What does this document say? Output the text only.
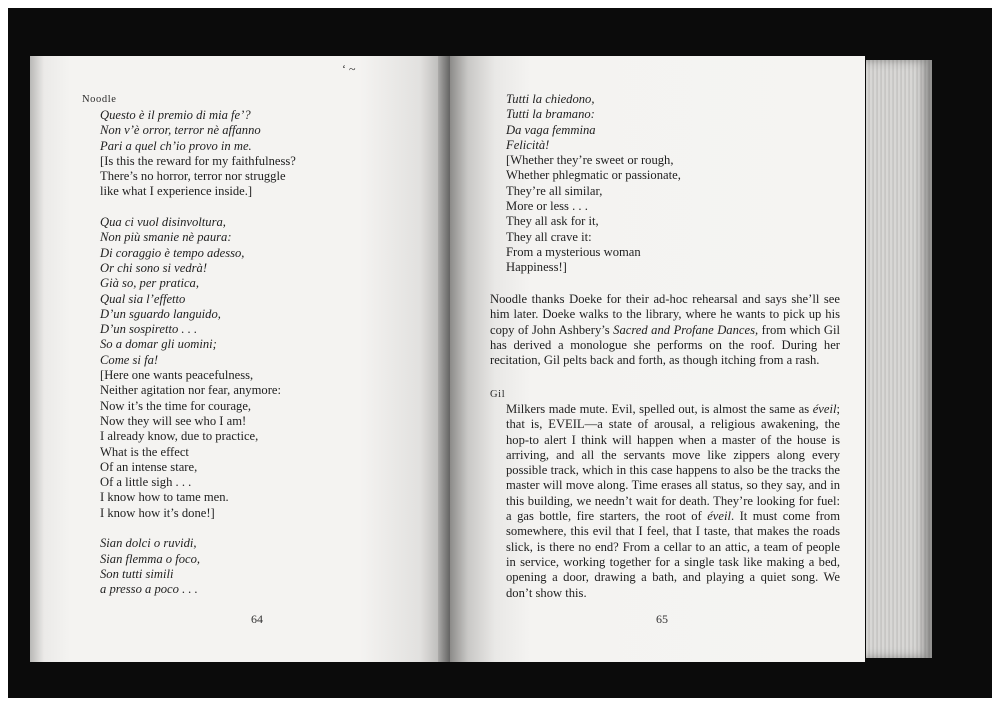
Noodle
Questo è il premio di mia fe’?
Non v’è orror, terror nè affanno
Pari a quel ch’io provo in me.
[Is this the reward for my faithfulness?
There’s no horror, terror nor struggle
like what I experience inside.]
Qua ci vuol disinvoltura,
Non più smanie nè paura:
Di coraggio è tempo adesso,
Or chi sono si vedrà!
Già so, per pratica,
Qual sia l’effetto
D’un sguardo languido,
D’un sospiretto . . .
So a domar gli uomini;
Come si fa!
[Here one wants peacefulness,
Neither agitation nor fear, anymore:
Now it’s the time for courage,
Now they will see who I am!
I already know, due to practice,
What is the effect
Of an intense stare,
Of a little sigh . . .
I know how to tame men.
I know how it’s done!]
Sian dolci o ruvidi,
Sian flemma o foco,
Son tutti simili
a presso a poco . . .
64
‘ ~
Tutti la chiedono,
Tutti la bramano:
Da vaga femmina
Felicità!
[Whether they’re sweet or rough,
Whether phlegmatic or passionate,
They’re all similar,
More or less . . .
They all ask for it,
They all crave it:
From a mysterious woman
Happiness!]

Noodle thanks Doeke for their ad-hoc rehearsal and says she’ll see him later. Doeke walks to the library, where he wants to pick up his copy of John Ashbery’s Sacred and Profane Dances, from which Gil has derived a monologue she performs on the roof. During her recitation, Gil pelts back and forth, as though itching from a rash.

Gil

Milkers made mute. Evil, spelled out, is almost the same as éveil; that is, EVEIL—a state of arousal, a religious awakening, the hop-to alert I think will happen when a master of the house is arriving, and all the servants move like zippers along every possible track, which in this case happens to also be the tracks the master will move along. Time erases all status, so they say, and in this building, we needn’t wait for death. They’re looking for fuel: a gas bottle, fire starters, the root of éveil. It must come from somewhere, this evil that I feel, that I taste, that makes the roads slick, is there no end? From a cellar to an attic, a team of people in service, working together for a single task like making a bed, opening a door, drawing a bath, and playing a quiet song. We don’t show this.

65
